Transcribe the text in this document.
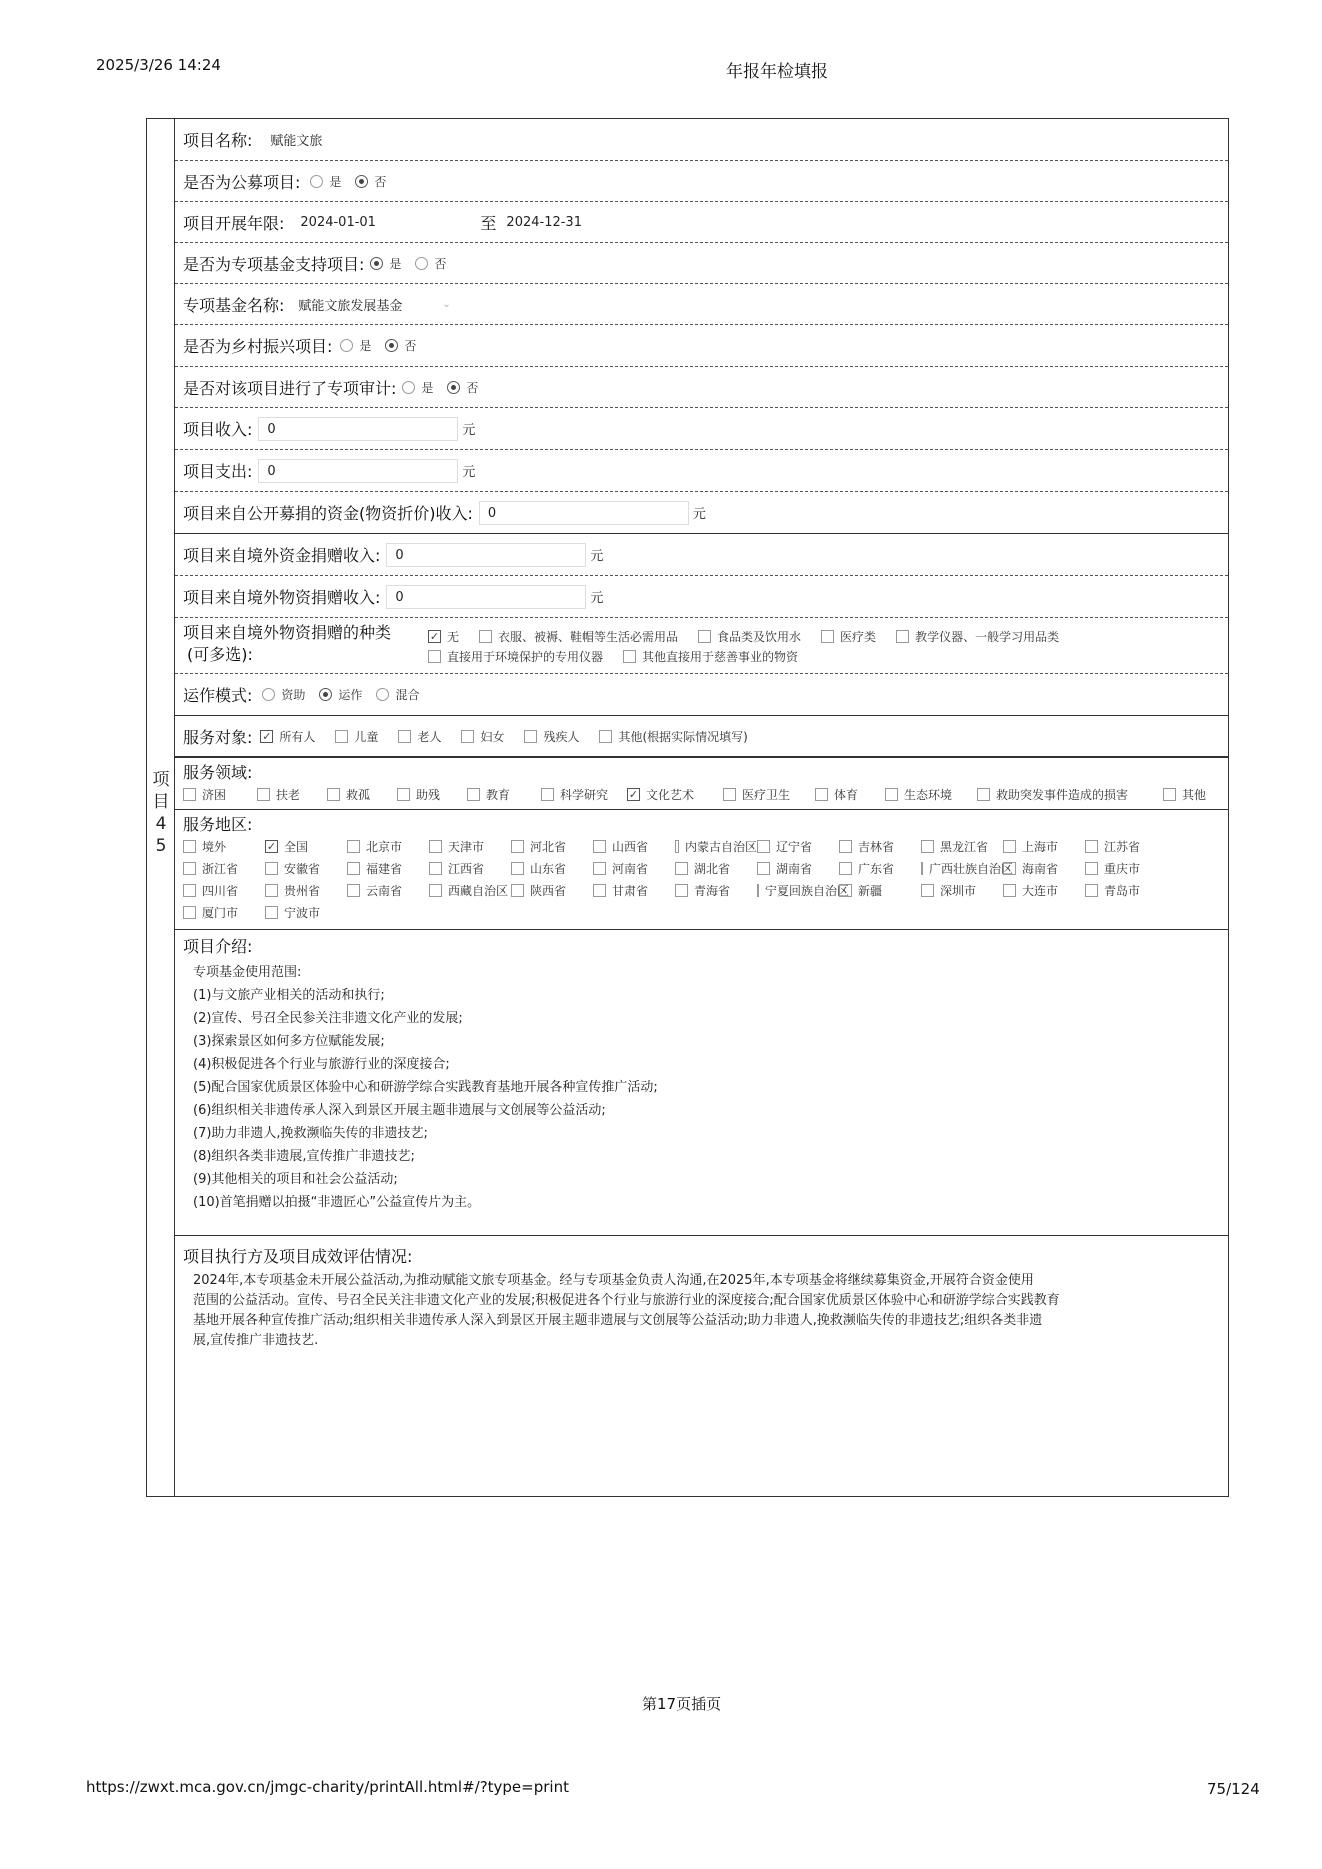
2025/3/26 14:24	年报年检填报
项目45
项目名称: 赋能文旅
是否为公募项目: 是	否
项目开展年限: 2024-01-01	至 2024-12-31
是否为专项基金支持项目: 是	否
专项基金名称: 赋能文旅发展基金	⌄
是否为乡村振兴项目: 是	否
是否对该项目进行了专项审计: 是	否
项目收入:	0	元
项目支出:	0	元
项目来自公开募捐的资金(物资折价)收入:	0	元
项目来自境外资金捐赠收入:	0	元
项目来自境外物资捐赠收入:	0	元
项目来自境外物资捐赠的种类
(可多选):
✓ 无	衣服、被褥、鞋帽等生活必需用品	食品类及饮用水	医疗类	教学仪器、一般学习用品类
直接用于环境保护的专用仪器	其他直接用于慈善事业的物资
运作模式: 资助	运作	混合
服务对象: ✓ 所有人	儿童	老人	妇女	残疾人	其他(根据实际情况填写)
服务领域:
济困	扶老	救孤	助残	教育	科学研究 ✓ 文化艺术	医疗卫生	体育	生态环境	救助突发事件造成的损害	其他
服务地区:
境外	✓ 全国	北京市	天津市	河北省	山西省	内蒙古自治区 辽宁省	吉林省	黑龙江省	上海市	江苏省
浙江省	安徽省	福建省	江西省	山东省	河南省	湖北省	湖南省	广东省	广西壮族自治区 海南省	重庆市
四川省	贵州省	云南省	西藏自治区 陕西省	甘肃省	青海省	宁夏回族自治区 新疆	深圳市	大连市	青岛市
厦门市	宁波市
项目介绍:
专项基金使用范围:
(1)与文旅产业相关的活动和执行;
(2)宣传、号召全民参关注非遗文化产业的发展;
(3)探索景区如何多方位赋能发展;
(4)积极促进各个行业与旅游行业的深度接合;
(5)配合国家优质景区体验中心和研游学综合实践教育基地开展各种宣传推广活动;
(6)组织相关非遗传承人深入到景区开展主题非遗展与文创展等公益活动;
(7)助力非遗人,挽救濒临失传的非遗技艺;
(8)组织各类非遗展,宣传推广非遗技艺;
(9)其他相关的项目和社会公益活动;
(10)首笔捐赠以拍摄“非遗匠心”公益宣传片为主。
项目执行方及项目成效评估情况:
2024年,本专项基金未开展公益活动,为推动赋能文旅专项基金。经与专项基金负责人沟通,在2025年,本专项基金将继续募集资金,开展符合资金使用
范围的公益活动。宣传、号召全民关注非遗文化产业的发展;积极促进各个行业与旅游行业的深度接合;配合国家优质景区体验中心和研游学综合实践教育
基地开展各种宣传推广活动;组织相关非遗传承人深入到景区开展主题非遗展与文创展等公益活动;助力非遗人,挽救濒临失传的非遗技艺;组织各类非遗
展,宣传推广非遗技艺.
第17页插页
https://zwxt.mca.gov.cn/jmgc-charity/printAll.html#/?type=print	75/124
